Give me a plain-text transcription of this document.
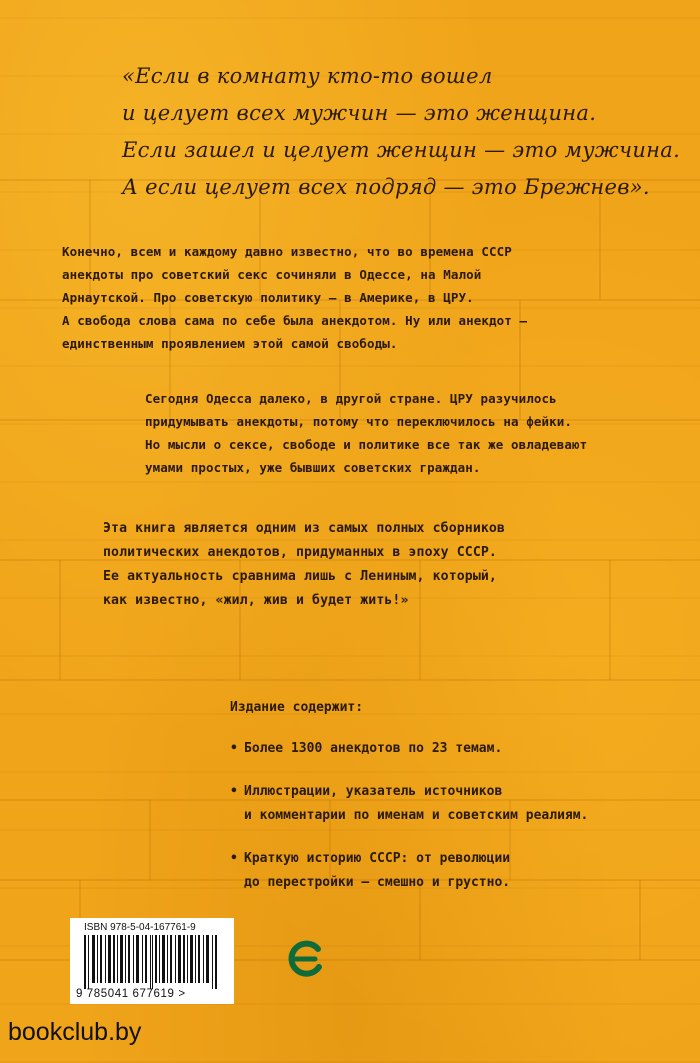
«Если в комнату кто-то вошел
и целует всех мужчин — это женщина.
Если зашел и целует женщин — это мужчина.
А если целует всех подряд — это Брежнев».
Конечно, всем и каждому давно известно, что во времена СССР
анекдоты про советский секс сочиняли в Одессе, на Малой
Арнаутской. Про советскую политику – в Америке, в ЦРУ.
А свобода слова сама по себе была анекдотом. Ну или анекдот –
единственным проявлением этой самой свободы.
Сегодня Одесса далеко, в другой стране. ЦРУ разучилось
придумывать анекдоты, потому что переключилось на фейки.
Но мысли о сексе, свободе и политике все так же овладевают
умами простых, уже бывших советских граждан.
Эта книга является одним из самых полных сборников
политических анекдотов, придуманных в эпоху СССР.
Ее актуальность сравнима лишь с Лениным, который,
как известно, «жил, жив и будет жить!»
Издание содержит:
• Более 1300 анекдотов по 23 темам.
• Иллюстрации, указатель источников
и комментарии по именам и советским реалиям.
• Краткую историю СССР: от революции
до перестройки – смешно и грустно.
ISBN 978-5-04-167761-9
9 785041 677619 >
bookclub.by
